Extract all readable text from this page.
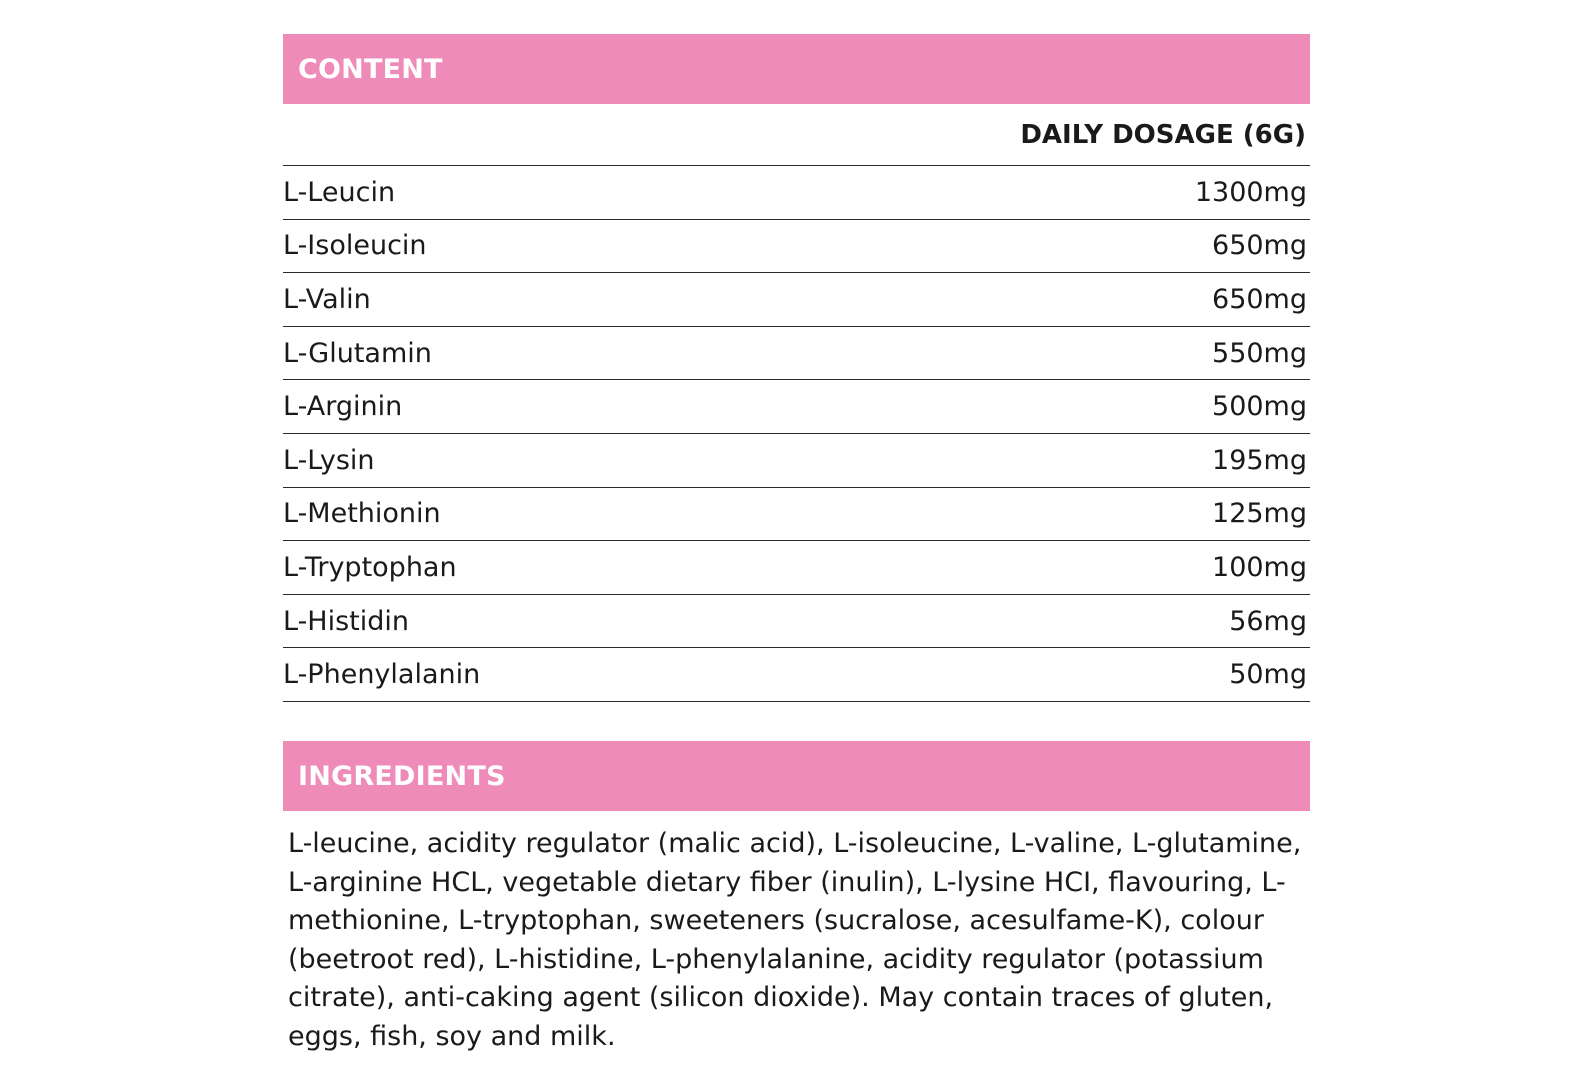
CONTENT
DAILY DOSAGE (6G)
L-Leucin	1300mg
L-Isoleucin	650mg
L-Valin	650mg
L-Glutamin	550mg
L-Arginin	500mg
L-Lysin	195mg
L-Methionin	125mg
L-Tryptophan	100mg
L-Histidin	56mg
L-Phenylalanin	50mg
INGREDIENTS

L-leucine, acidity regulator (malic acid), L-isoleucine, L-valine, L-glutamine, L-arginine HCL, vegetable dietary fiber (inulin), L-lysine HCI, flavouring, L-methionine, L-tryptophan, sweeteners (sucralose, acesulfame-K), colour (beetroot red), L-histidine, L-phenylalanine, acidity regulator (potassium citrate), anti-caking agent (silicon dioxide). May contain traces of gluten, eggs, fish, soy and milk.
